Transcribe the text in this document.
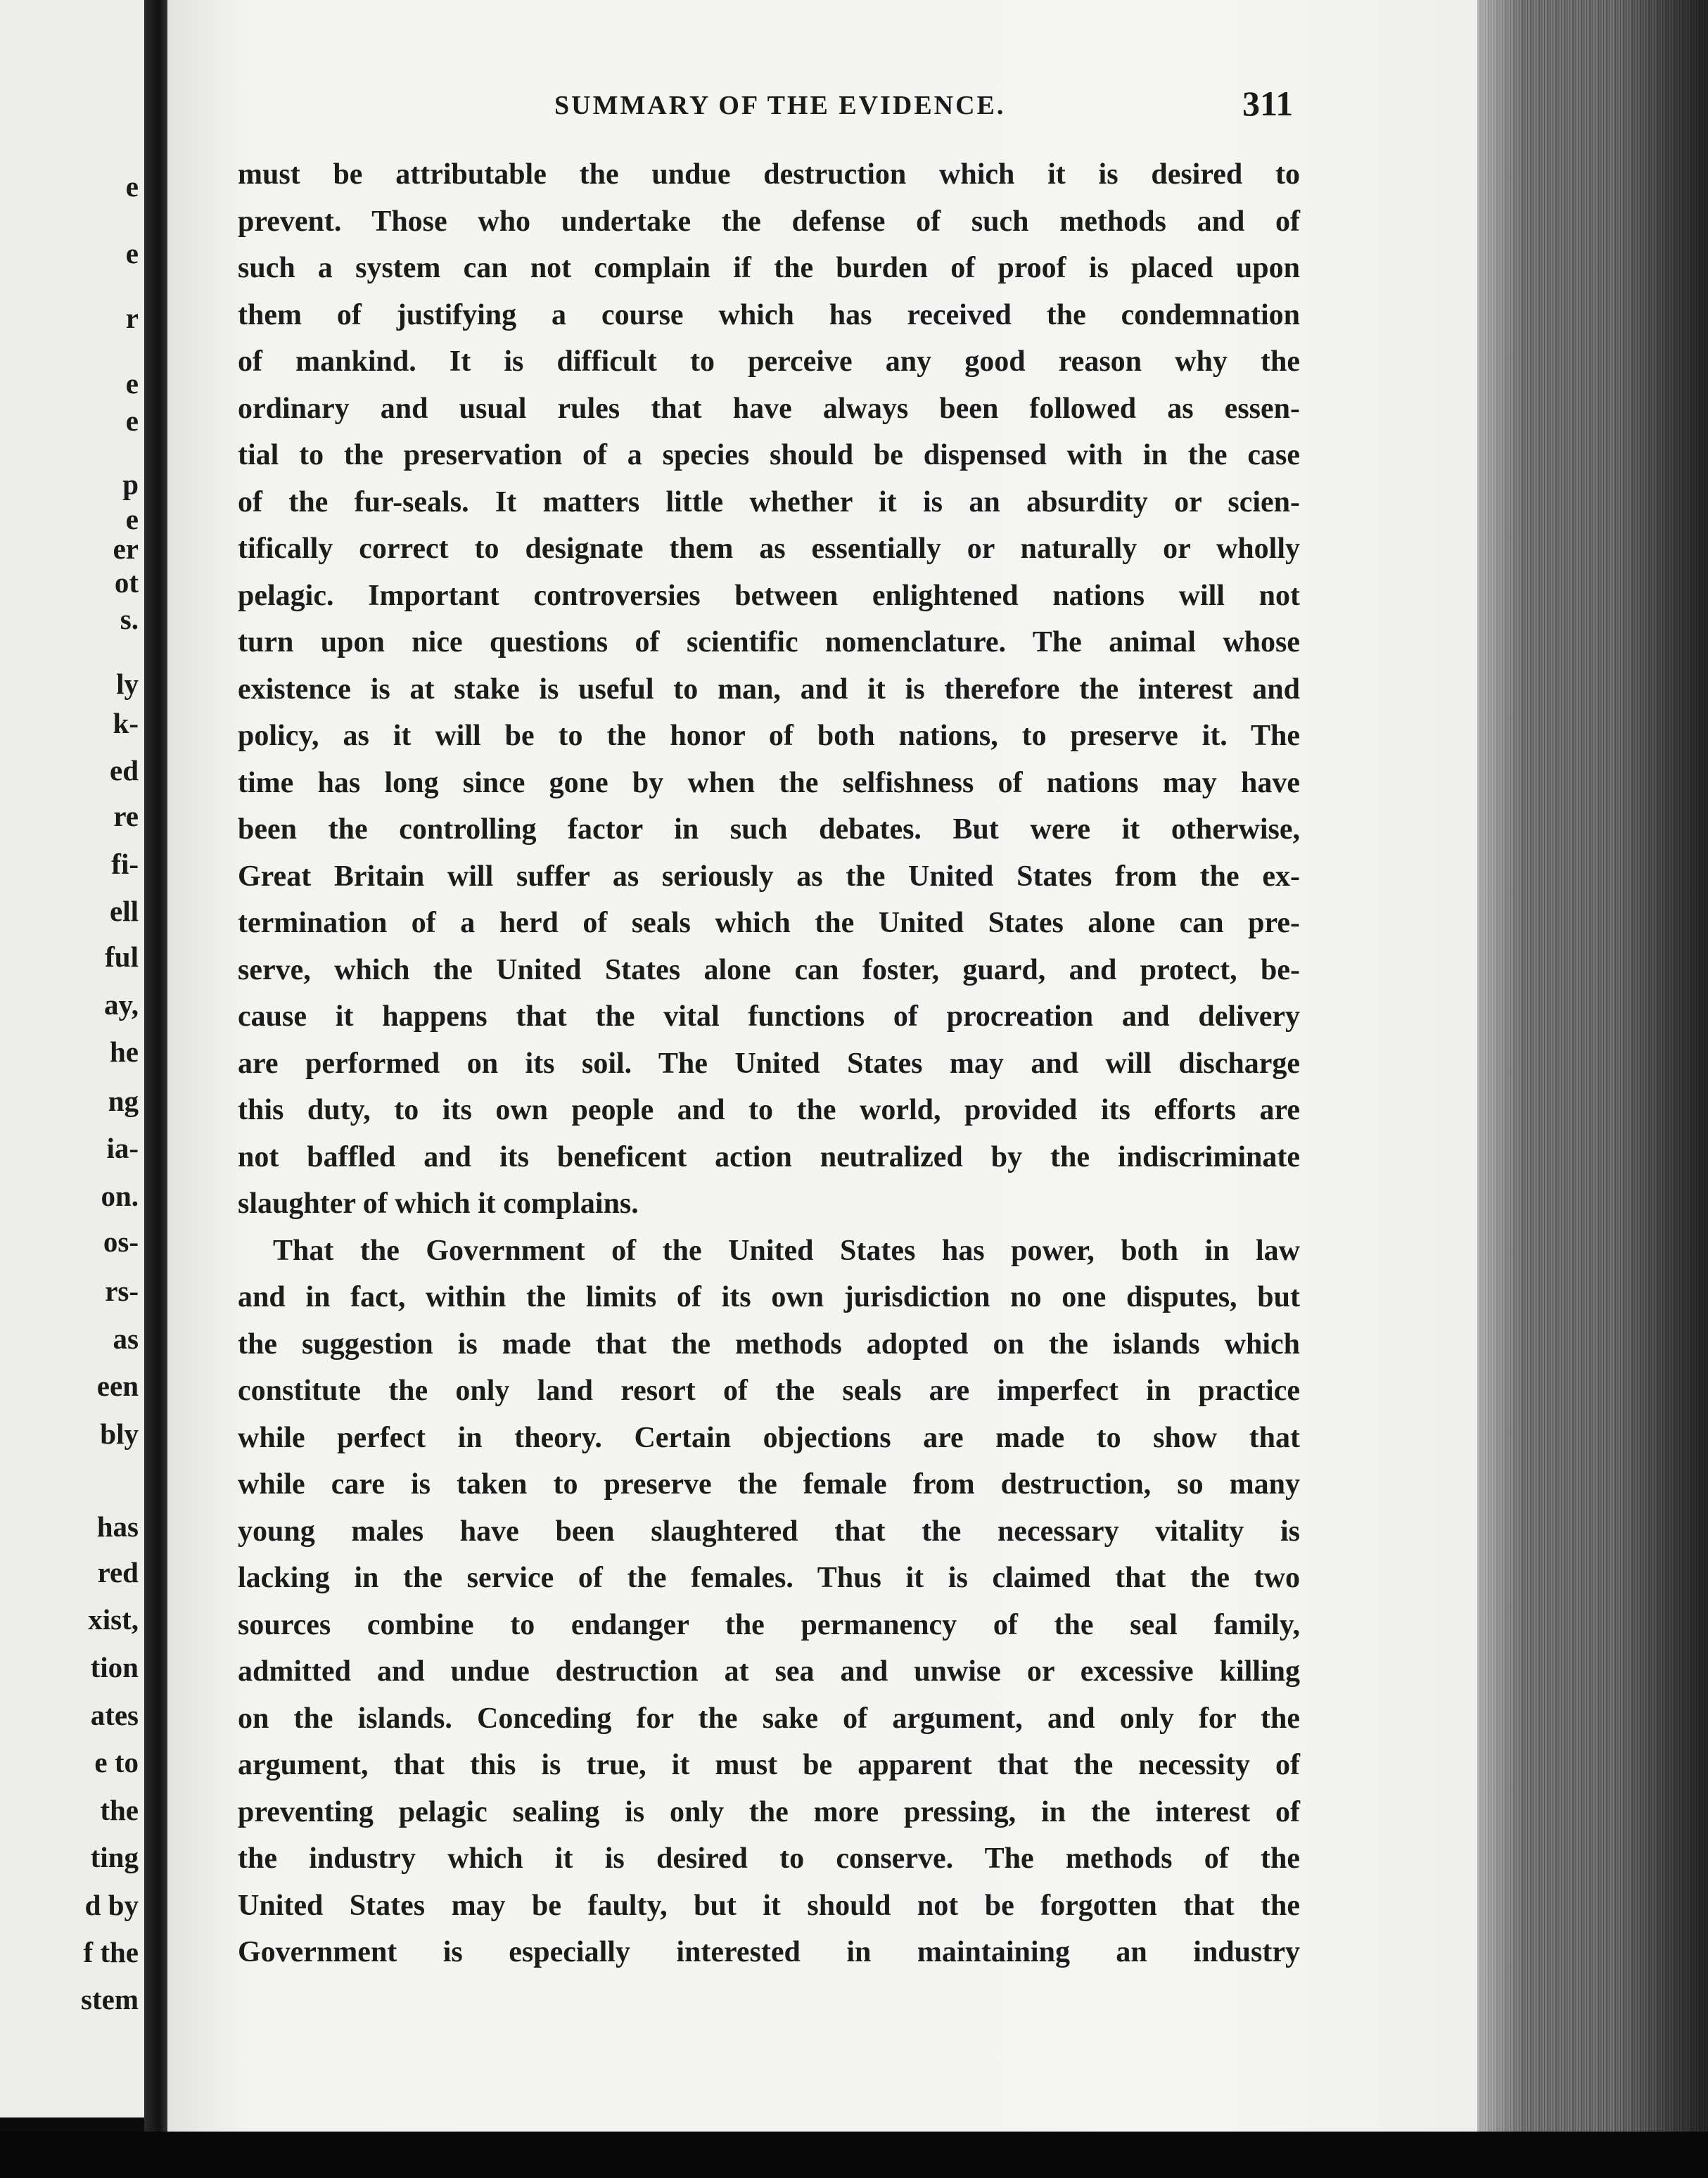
e
e
r
e
e
p
e
er
ot
s.
ly
k-
ed
re
fi-
ell
ful
ay,
he
ng
ia-
on.
os-
rs-
as
een
bly
has
red
xist,
tion
ates
e to
the
ting
d by
f the
stem
SUMMARY OF THE EVIDENCE.	311
must be attributable the undue destruction which it is desired to
prevent. Those who undertake the defense of such methods and of
such a system can not complain if the burden of proof is placed upon
them of justifying a course which has received the condemnation
of mankind. It is difficult to perceive any good reason why the
ordinary and usual rules that have always been followed as essen-
tial to the preservation of a species should be dispensed with in the case
of the fur-seals. It matters little whether it is an absurdity or scien-
tifically correct to designate them as essentially or naturally or wholly
pelagic. Important controversies between enlightened nations will not
turn upon nice questions of scientific nomenclature. The animal whose
existence is at stake is useful to man, and it is therefore the interest and
policy, as it will be to the honor of both nations, to preserve it. The
time has long since gone by when the selfishness of nations may have
been the controlling factor in such debates. But were it otherwise,
Great Britain will suffer as seriously as the United States from the ex-
termination of a herd of seals which the United States alone can pre-
serve, which the United States alone can foster, guard, and protect, be-
cause it happens that the vital functions of procreation and delivery
are performed on its soil. The United States may and will discharge
this duty, to its own people and to the world, provided its efforts are
not baffled and its beneficent action neutralized by the indiscriminate
slaughter of which it complains.
That the Government of the United States has power, both in law
and in fact, within the limits of its own jurisdiction no one disputes, but
the suggestion is made that the methods adopted on the islands which
constitute the only land resort of the seals are imperfect in practice
while perfect in theory. Certain objections are made to show that
while care is taken to preserve the female from destruction, so many
young males have been slaughtered that the necessary vitality is
lacking in the service of the females. Thus it is claimed that the two
sources combine to endanger the permanency of the seal family,
admitted and undue destruction at sea and unwise or excessive killing
on the islands. Conceding for the sake of argument, and only for the
argument, that this is true, it must be apparent that the necessity of
preventing pelagic sealing is only the more pressing, in the interest of
the industry which it is desired to conserve. The methods of the
United States may be faulty, but it should not be forgotten that the
Government is especially interested in maintaining an industry
